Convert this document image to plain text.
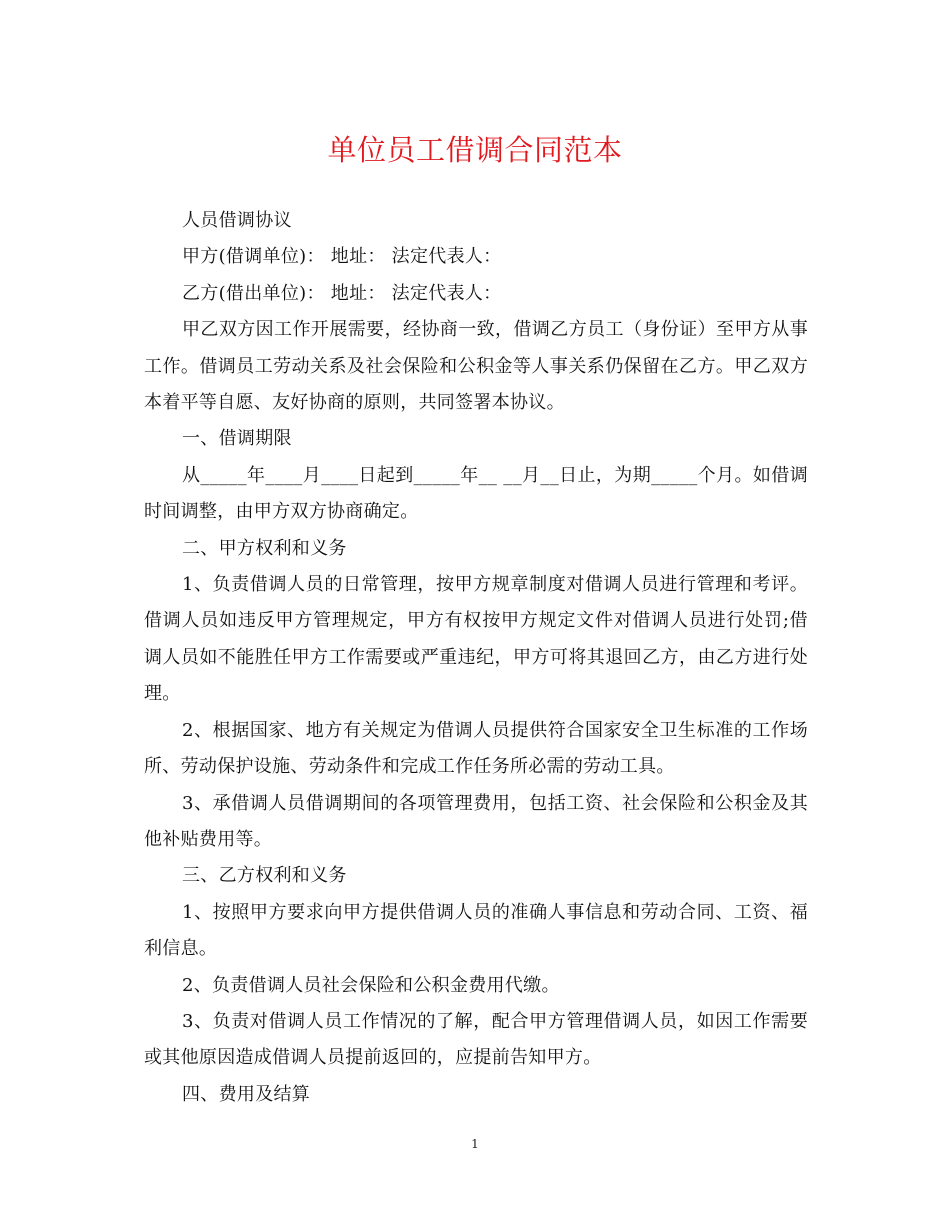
单位员工借调合同范本

人员借调协议

甲方(借调单位)： 地址： 法定代表人：

乙方(借出单位)： 地址： 法定代表人：

甲乙双方因工作开展需要，经协商一致，借调乙方员工（身份证）至甲方从事工作。借调员工劳动关系及社会保险和公积金等人事关系仍保留在乙方。甲乙双方本着平等自愿、友好协商的原则，共同签署本协议。

一、借调期限

从_____年____月____日起到_____年__ __月__日止，为期_____个月。如借调时间调整，由甲方双方协商确定。

二、甲方权利和义务

1、负责借调人员的日常管理，按甲方规章制度对借调人员进行管理和考评。借调人员如违反甲方管理规定，甲方有权按甲方规定文件对借调人员进行处罚;借调人员如不能胜任甲方工作需要或严重违纪，甲方可将其退回乙方，由乙方进行处理。

2、根据国家、地方有关规定为借调人员提供符合国家安全卫生标准的工作场所、劳动保护设施、劳动条件和完成工作任务所必需的劳动工具。

3、承借调人员借调期间的各项管理费用，包括工资、社会保险和公积金及其他补贴费用等。

三、乙方权利和义务

1、按照甲方要求向甲方提供借调人员的准确人事信息和劳动合同、工资、福利信息。

2、负责借调人员社会保险和公积金费用代缴。

3、负责对借调人员工作情况的了解，配合甲方管理借调人员，如因工作需要或其他原因造成借调人员提前返回的，应提前告知甲方。

四、费用及结算

1
